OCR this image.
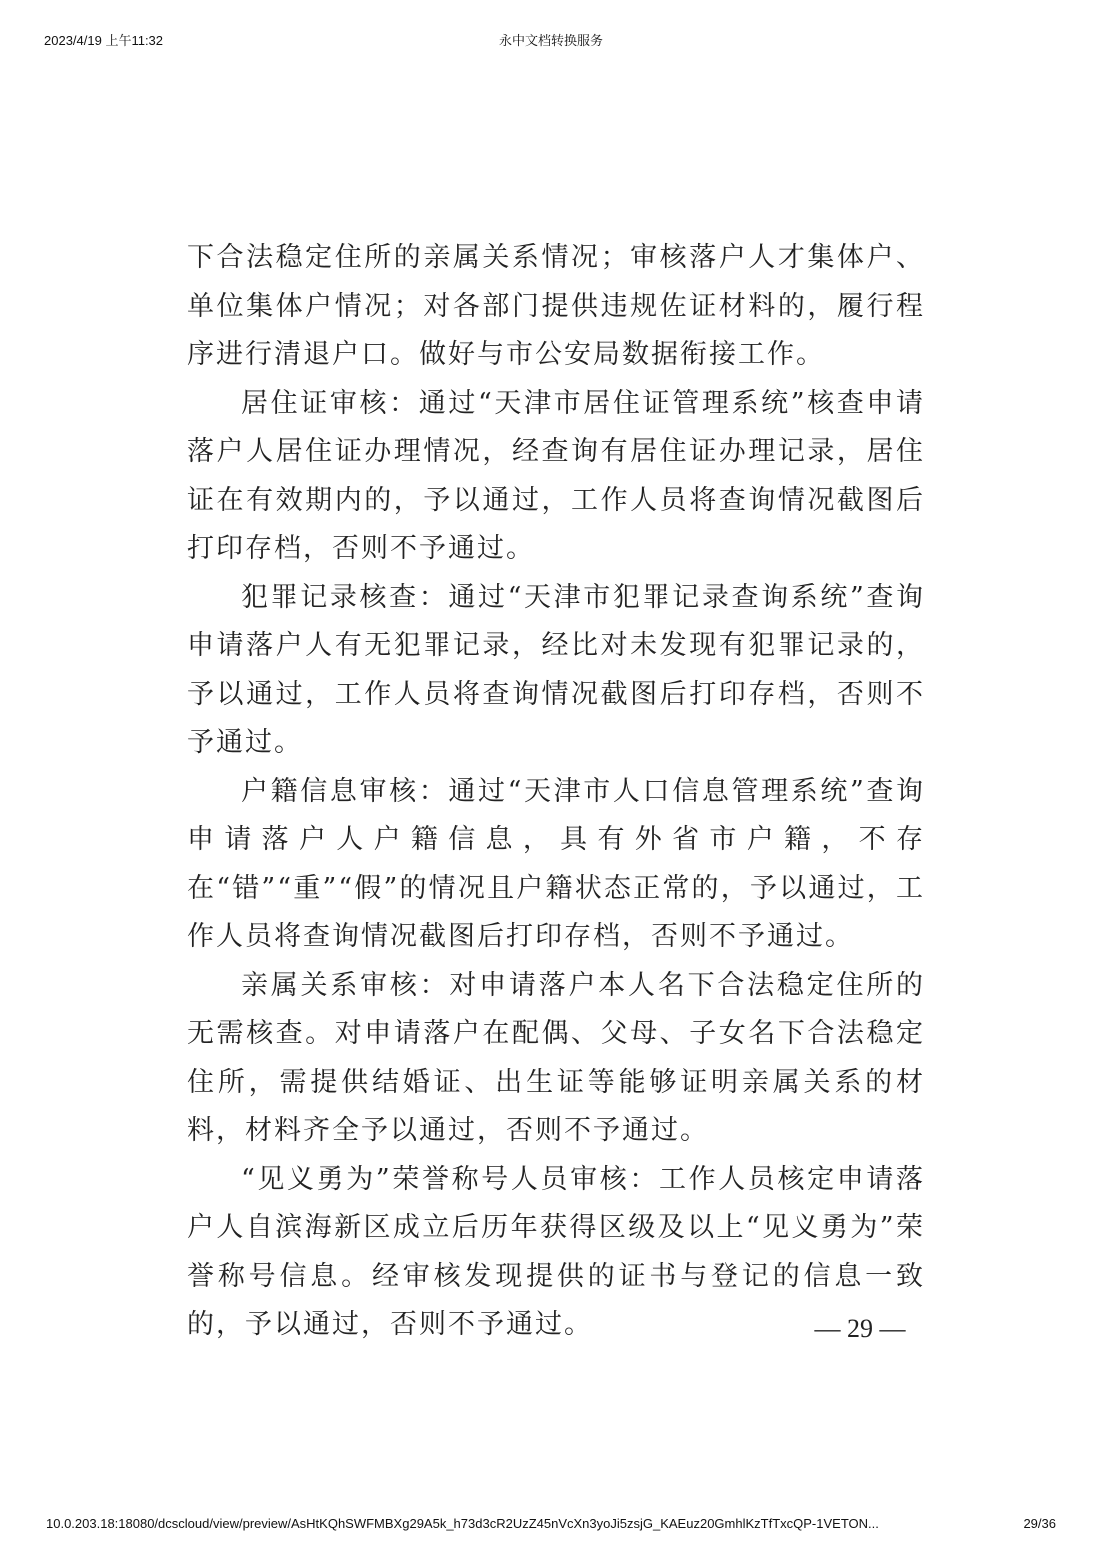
2023/4/19 上午11:32	永中文档转换服务

下合法稳定住所的亲属关系情况；审核落户人才集体户、单位集体户情况；对各部门提供违规佐证材料的，履行程序进行清退户口。做好与市公安局数据衔接工作。

居住证审核：通过“天津市居住证管理系统”核查申请落户人居住证办理情况，经查询有居住证办理记录，居住证在有效期内的，予以通过，工作人员将查询情况截图后打印存档，否则不予通过。

犯罪记录核查：通过“天津市犯罪记录查询系统”查询申请落户人有无犯罪记录，经比对未发现有犯罪记录的，予以通过，工作人员将查询情况截图后打印存档，否则不予通过。

户籍信息审核：通过“天津市人口信息管理系统”查询申请落户人户籍信息，具有外省市户籍，不存在“错”“重”“假”的情况且户籍状态正常的，予以通过，工作人员将查询情况截图后打印存档，否则不予通过。

亲属关系审核：对申请落户本人名下合法稳定住所的无需核查。对申请落户在配偶、父母、子女名下合法稳定住所，需提供结婚证、出生证等能够证明亲属关系的材料，材料齐全予以通过，否则不予通过。

“见义勇为”荣誉称号人员审核：工作人员核定申请落户人自滨海新区成立后历年获得区级及以上“见义勇为”荣誉称号信息。经审核发现提供的证书与登记的信息一致的，予以通过，否则不予通过。	— 29 —
10.0.203.18:18080/dcscloud/view/preview/AsHtKQhSWFMBXg29A5k_h73d3cR2UzZ45nVcXn3yoJi5zsjG_KAEuz20GmhlKzTfTxcQP-1VETON...	29/36
